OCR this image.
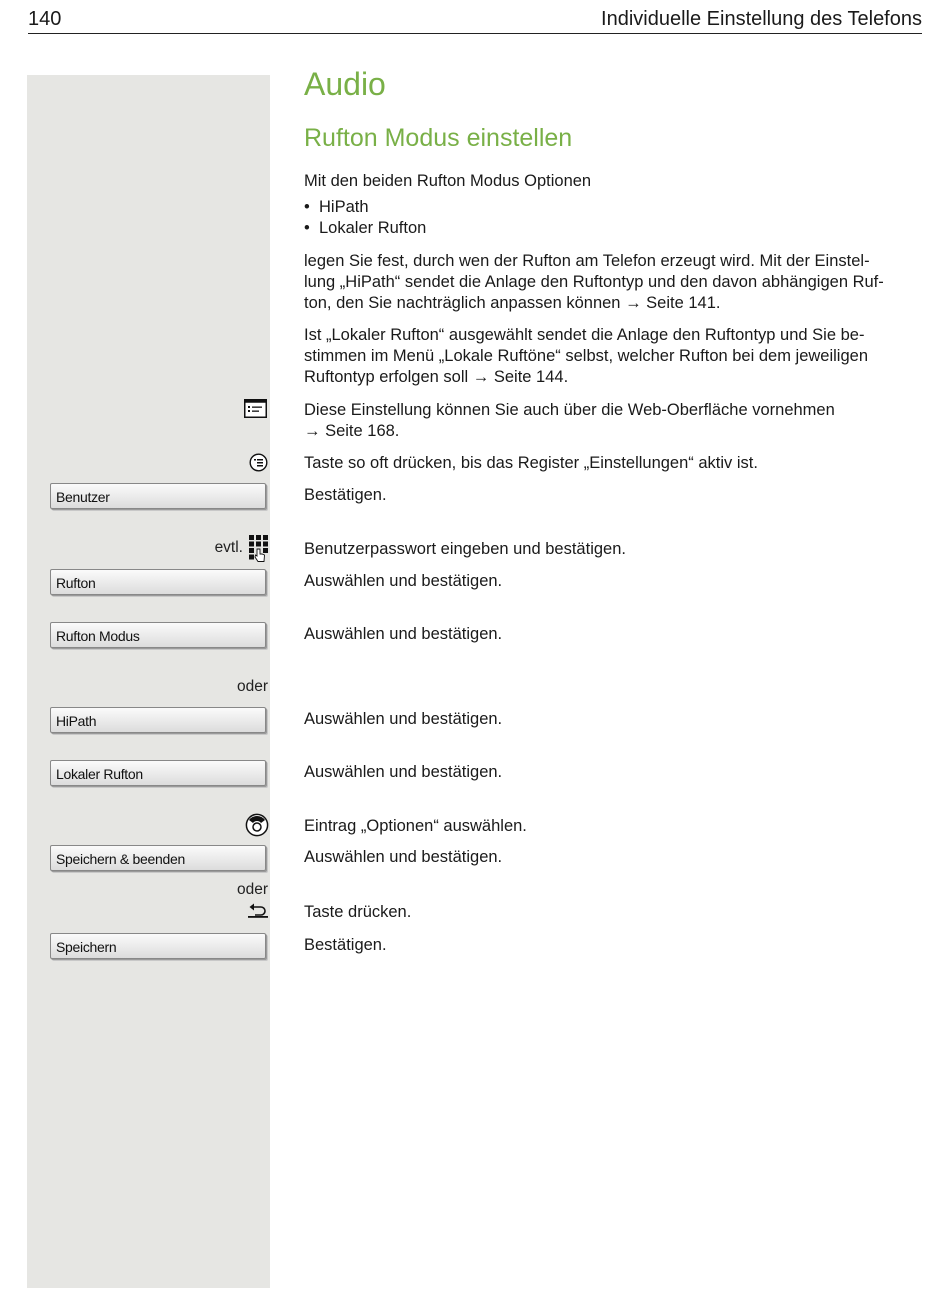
140	Individuelle Einstellung des Telefons
Audio
Rufton Modus einstellen
Mit den beiden Rufton Modus Optionen
• HiPath
• Lokaler Rufton
legen Sie fest, durch wen der Rufton am Telefon erzeugt wird. Mit der Einstel-
lung „HiPath“ sendet die Anlage den Ruftontyp und den davon abhängigen Ruf-
ton, den Sie nachträglich anpassen können → Seite 141.
Ist „Lokaler Rufton“ ausgewählt sendet die Anlage den Ruftontyp und Sie be-
stimmen im Menü „Lokale Ruftöne“ selbst, welcher Rufton bei dem jeweiligen
Ruftontyp erfolgen soll → Seite 144.
Diese Einstellung können Sie auch über die Web-Oberfläche vornehmen
→ Seite 168.
Taste so oft drücken, bis das Register „Einstellungen“ aktiv ist.
Benutzer	Bestätigen.
evtl.	Benutzerpasswort eingeben und bestätigen.
Rufton	Auswählen und bestätigen.
Rufton Modus	Auswählen und bestätigen.
oder
HiPath	Auswählen und bestätigen.
Lokaler Rufton	Auswählen und bestätigen.
Eintrag „Optionen“ auswählen.
Speichern & beenden	Auswählen und bestätigen.
oder
Taste drücken.
Speichern	Bestätigen.
